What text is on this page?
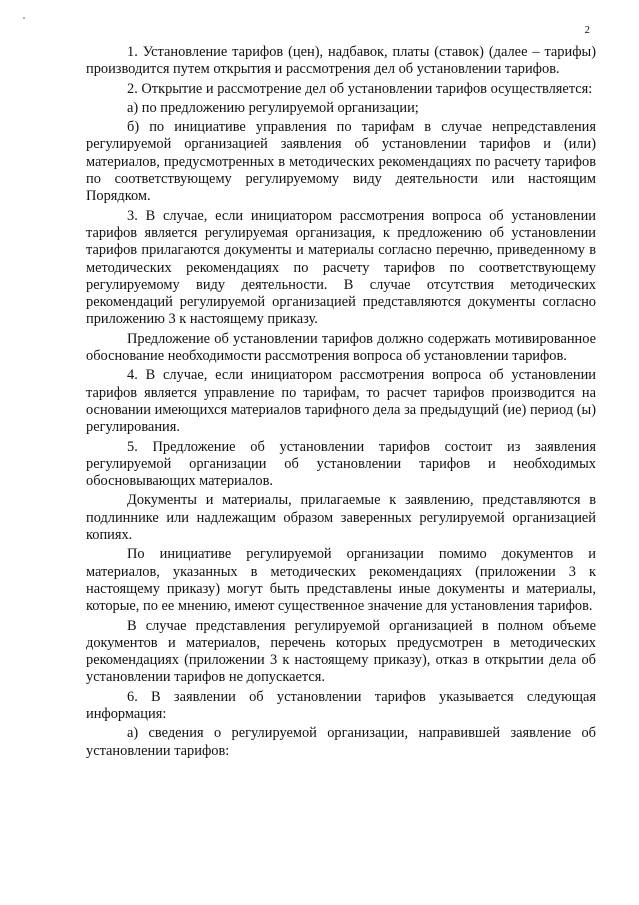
2

1. Установление тарифов (цен), надбавок, платы (ставок) (далее – тарифы) производится путем открытия и рассмотрения дел об установлении тарифов.

2. Открытие и рассмотрение дел об установлении тарифов осуществляется:

а) по предложению регулируемой организации;

б) по инициативе управления по тарифам в случае непредставления регулируемой организацией заявления об установлении тарифов и (или) материалов, предусмотренных в методических рекомендациях по расчету тарифов по соответствующему регулируемому виду деятельности или настоящим Порядком.

3. В случае, если инициатором рассмотрения вопроса об установлении тарифов является регулируемая организация, к предложению об установлении тарифов прилагаются документы и материалы согласно перечню, приведенному в методических рекомендациях по расчету тарифов по соответствующему регулируемому виду деятельности. В случае отсутствия методических рекомендаций регулируемой организацией представляются документы согласно приложению 3 к настоящему приказу.

Предложение об установлении тарифов должно содержать мотивированное обоснование необходимости рассмотрения вопроса об установлении тарифов.

4. В случае, если инициатором рассмотрения вопроса об установлении тарифов является управление по тарифам, то расчет тарифов производится на основании имеющихся материалов тарифного дела за предыдущий (ие) период (ы) регулирования.

5. Предложение об установлении тарифов состоит из заявления регулируемой организации об установлении тарифов и необходимых обосновывающих материалов.

Документы и материалы, прилагаемые к заявлению, представляются в подлиннике или надлежащим образом заверенных регулируемой организацией копиях.

По инициативе регулируемой организации помимо документов и материалов, указанных в методических рекомендациях (приложении 3 к настоящему приказу) могут быть представлены иные документы и материалы, которые, по ее мнению, имеют существенное значение для установления тарифов.

В случае представления регулируемой организацией в полном объеме документов и материалов, перечень которых предусмотрен в методических рекомендациях (приложении 3 к настоящему приказу), отказ в открытии дела об установлении тарифов не допускается.

6. В заявлении об установлении тарифов указывается следующая информация:

а) сведения о регулируемой организации, направившей заявление об установлении тарифов:
